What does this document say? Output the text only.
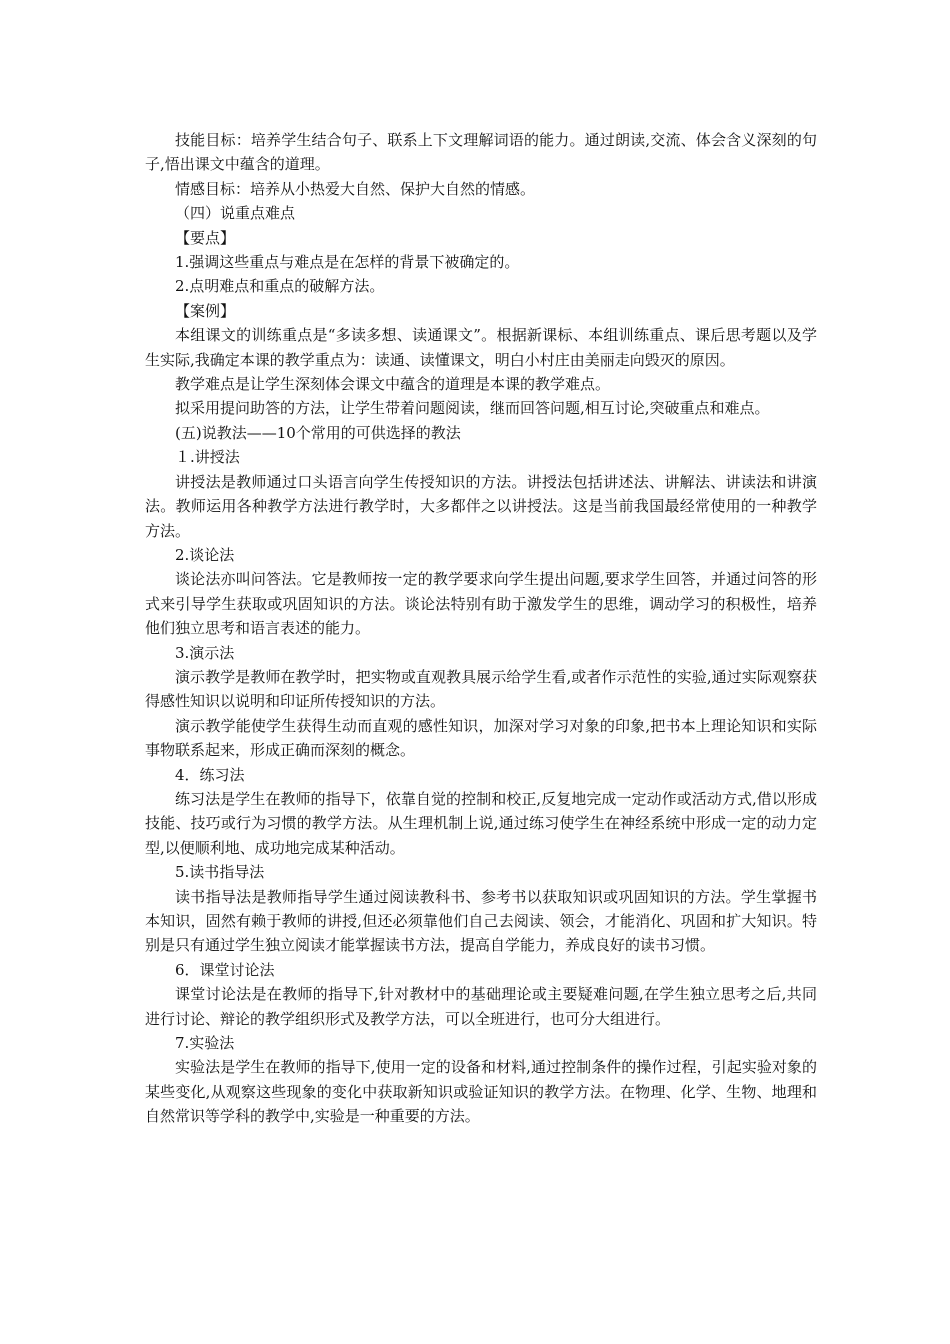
技能目标：培养学生结合句子、联系上下文理解词语的能力。通过朗读,交流、体会含义深刻的句子,悟出课文中蕴含的道理。

情感目标：培养从小热爱大自然、保护大自然的情感。

（四）说重点难点

【要点】

1.强调这些重点与难点是在怎样的背景下被确定的。

2.点明难点和重点的破解方法。

【案例】

本组课文的训练重点是“多读多想、读通课文”。根据新课标、本组训练重点、课后思考题以及学生实际,我确定本课的教学重点为：读通、读懂课文，明白小村庄由美丽走向毁灭的原因。

教学难点是让学生深刻体会课文中蕴含的道理是本课的教学难点。

拟采用提问助答的方法，让学生带着问题阅读，继而回答问题,相互讨论,突破重点和难点。

(五)说教法——10个常用的可供选择的教法

１.讲授法

讲授法是教师通过口头语言向学生传授知识的方法。讲授法包括讲述法、讲解法、讲读法和讲演法。教师运用各种教学方法进行教学时，大多都伴之以讲授法。这是当前我国最经常使用的一种教学方法。

2.谈论法

谈论法亦叫问答法。它是教师按一定的教学要求向学生提出问题,要求学生回答，并通过问答的形式来引导学生获取或巩固知识的方法。谈论法特别有助于激发学生的思维，调动学习的积极性，培养他们独立思考和语言表述的能力。

3.演示法

演示教学是教师在教学时，把实物或直观教具展示给学生看,或者作示范性的实验,通过实际观察获得感性知识以说明和印证所传授知识的方法。

演示教学能使学生获得生动而直观的感性知识，加深对学习对象的印象,把书本上理论知识和实际事物联系起来，形成正确而深刻的概念。

4．练习法

练习法是学生在教师的指导下，依靠自觉的控制和校正,反复地完成一定动作或活动方式,借以形成技能、技巧或行为习惯的教学方法。从生理机制上说,通过练习使学生在神经系统中形成一定的动力定型,以便顺利地、成功地完成某种活动。

5.读书指导法

读书指导法是教师指导学生通过阅读教科书、参考书以获取知识或巩固知识的方法。学生掌握书本知识，固然有赖于教师的讲授,但还必须靠他们自己去阅读、领会，才能消化、巩固和扩大知识。特别是只有通过学生独立阅读才能掌握读书方法，提高自学能力，养成良好的读书习惯。

6．课堂讨论法

课堂讨论法是在教师的指导下,针对教材中的基础理论或主要疑难问题,在学生独立思考之后,共同进行讨论、辩论的教学组织形式及教学方法，可以全班进行，也可分大组进行。

7.实验法

实验法是学生在教师的指导下,使用一定的设备和材料,通过控制条件的操作过程，引起实验对象的某些变化,从观察这些现象的变化中获取新知识或验证知识的教学方法。在物理、化学、生物、地理和自然常识等学科的教学中,实验是一种重要的方法。
